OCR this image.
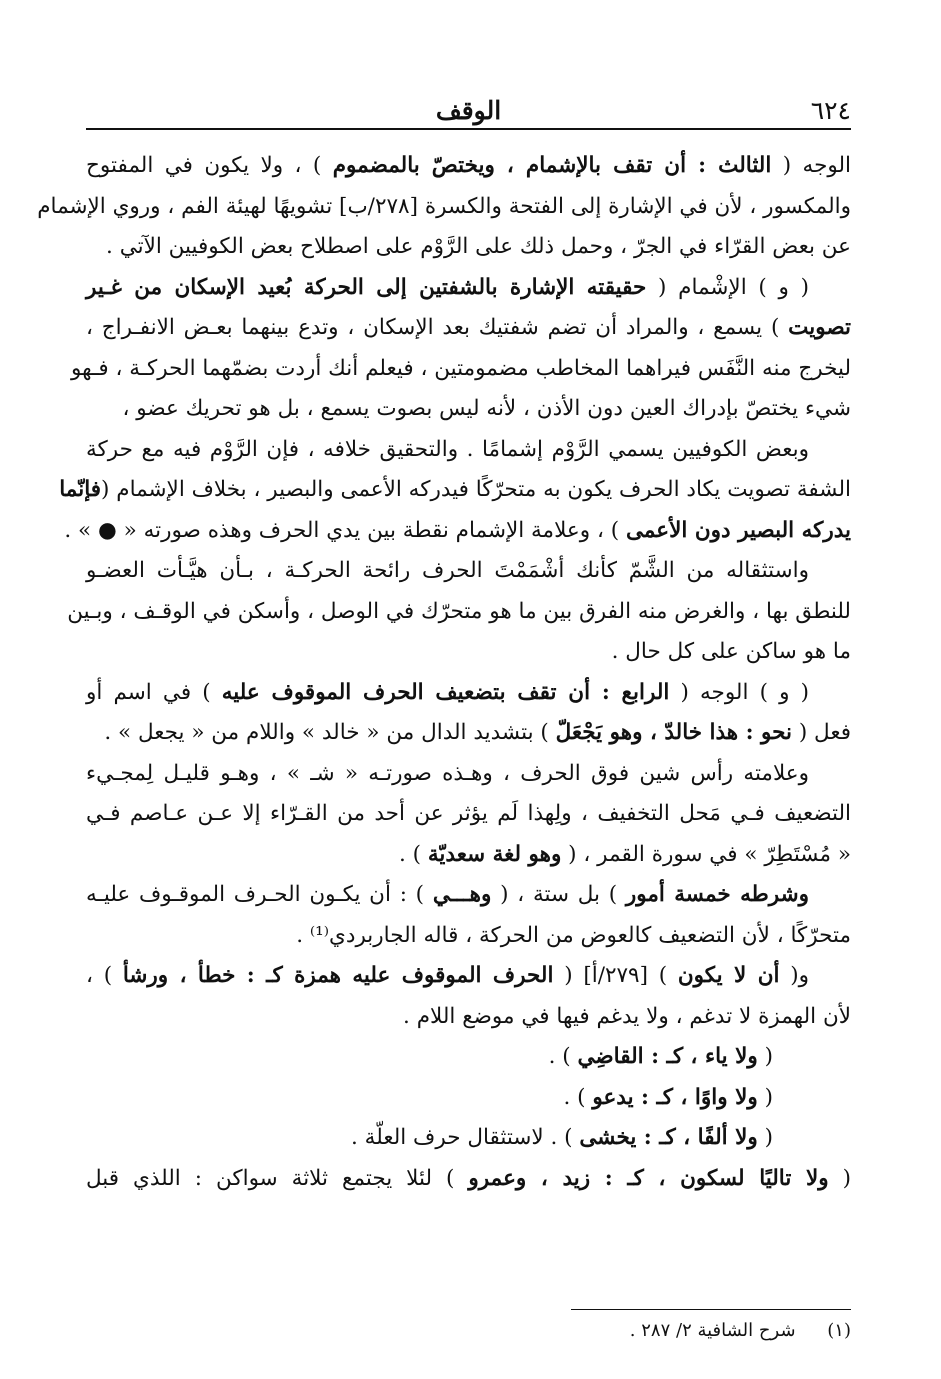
٦٢٤
الوقف
الوجه ( الثالث : أن تقف بالإشمام ، ويختصّ بالمضموم ) ، ولا يكون في المفتوح
والمكسور ، لأن في الإشارة إلى الفتحة والكسرة [٢٧٨/ب] تشويهًا لهيئة الفم ، وروي الإشمام
عن بعض القرّاء في الجرّ ، وحمل ذلك على الرَّوْم على اصطلاح بعض الكوفيين الآتي .
( و ) الإشْمام ( حقيقته الإشارة بالشفتين إلى الحركة بُعيد الإسكان من غـير
تصويت ) يسمع ، والمراد أن تضم شفتيك بعد الإسكان ، وتدع بينهما بعـض الانفـراج ،
ليخرج منه النَّفَس فيراهما المخاطب مضمومتين ، فيعلم أنك أردت بضمّهما الحركـة ، فـهو
شيء يختصّ بإدراك العين دون الأذن ، لأنه ليس بصوت يسمع ، بل هو تحريك عضو ،
وبعض الكوفيين يسمي الرَّوْم إشمامًا . والتحقيق خلافه ، فإن الرَّوْم فيه مع حركة
الشفة تصويت يكاد الحرف يكون به متحرّكًا فيدركه الأعمى والبصير ، بخلاف الإشمام (فإنّما
يدركه البصير دون الأعمى ) ، وعلامة الإشمام نقطة بين يدي الحرف وهذه صورته « ● » .
واستثقاله من الشَّمّ كأنك أشْمَمْتَ الحرف رائحة الحركـة ، بـأن هيَّـأت العضـو
للنطق بها ، والغرض منه الفرق بين ما هو متحرّك في الوصل ، وأسكن في الوقـف ، وبـين
ما هو ساكن على كل حال .
( و ) الوجه ( الرابع : أن تقف بتضعيف الحرف الموقوف عليه ) في اسم أو
فعل ( نحو : هذا خالدّ ، وهو يَجْعَلّ ) بتشديد الدال من « خالد » واللام من « يجعل » .
وعلامته رأس شين فوق الحرف ، وهـذه صورتـه « شـ » ، وهـو قليـل لِمجـيء
التضعيف فـي مَحل التخفيف ، ولِهذا لَم يؤثر عن أحد من القـرّاء إلا عـن عـاصم فـي
« مُسْتَطِرّ » في سورة القمر ، ( وهو لغة سعديّة ) .
وشرطه خمسة أمور ) بل ستة ، ( وهـــي ) : أن يكـون الحـرف الموقـوف عليـه
متحرّكًا ، لأن التضعيف كالعوض من الحركة ، قاله الجاربردي⁽¹⁾ .
و( أن لا يكون ) [٢٧٩/أ] ( الحرف الموقوف عليه همزة كـ : خطأ ، ورشأ ) ،
لأن الهمزة لا تدغم ، ولا يدغم فيها في موضع اللام .
( ولا ياء ، كـ : القاضِي ) .
( ولا واوًا ، كـ : يدعو ) .
( ولا ألفًا ، كـ : يخشى ) . لاستثقال حرف العلّة .
( ولا تاليًا لسكون ، كـ : زيد ، وعمرو ) لئلا يجتمع ثلاثة سواكن : اللذي قبل
(١) شرح الشافية ٢/ ٢٨٧ .
